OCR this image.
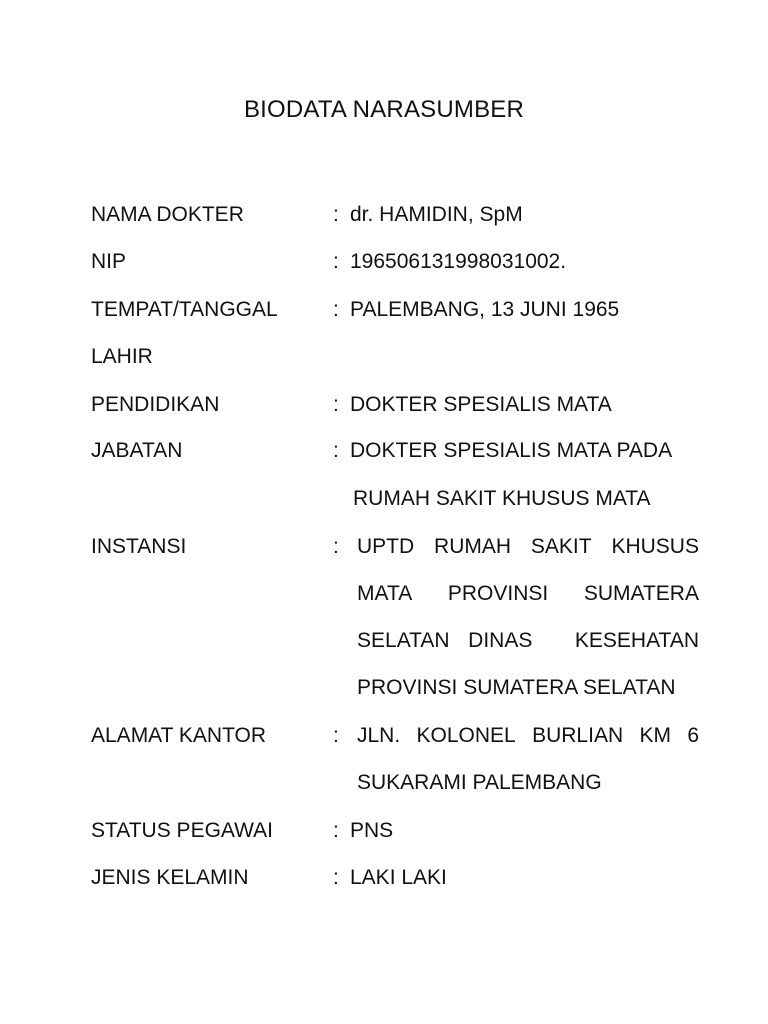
BIODATA NARASUMBER
NAMA DOKTER	: dr. HAMIDIN, SpM
NIP	: 196506131998031002.
TEMPAT/TANGGAL	: PALEMBANG, 13 JUNI 1965
LAHIR
PENDIDIKAN	: DOKTER SPESIALIS MATA
JABATAN	: DOKTER SPESIALIS MATA PADA
RUMAH SAKIT KHUSUS MATA
INSTANSI	: UPTD RUMAH SAKIT KHUSUS
MATA PROVINSI SUMATERA
SELATAN DINAS KESEHATAN
PROVINSI SUMATERA SELATAN
ALAMAT KANTOR	: JLN. KOLONEL BURLIAN KM 6
SUKARAMI PALEMBANG
STATUS PEGAWAI	: PNS
JENIS KELAMIN	: LAKI LAKI
